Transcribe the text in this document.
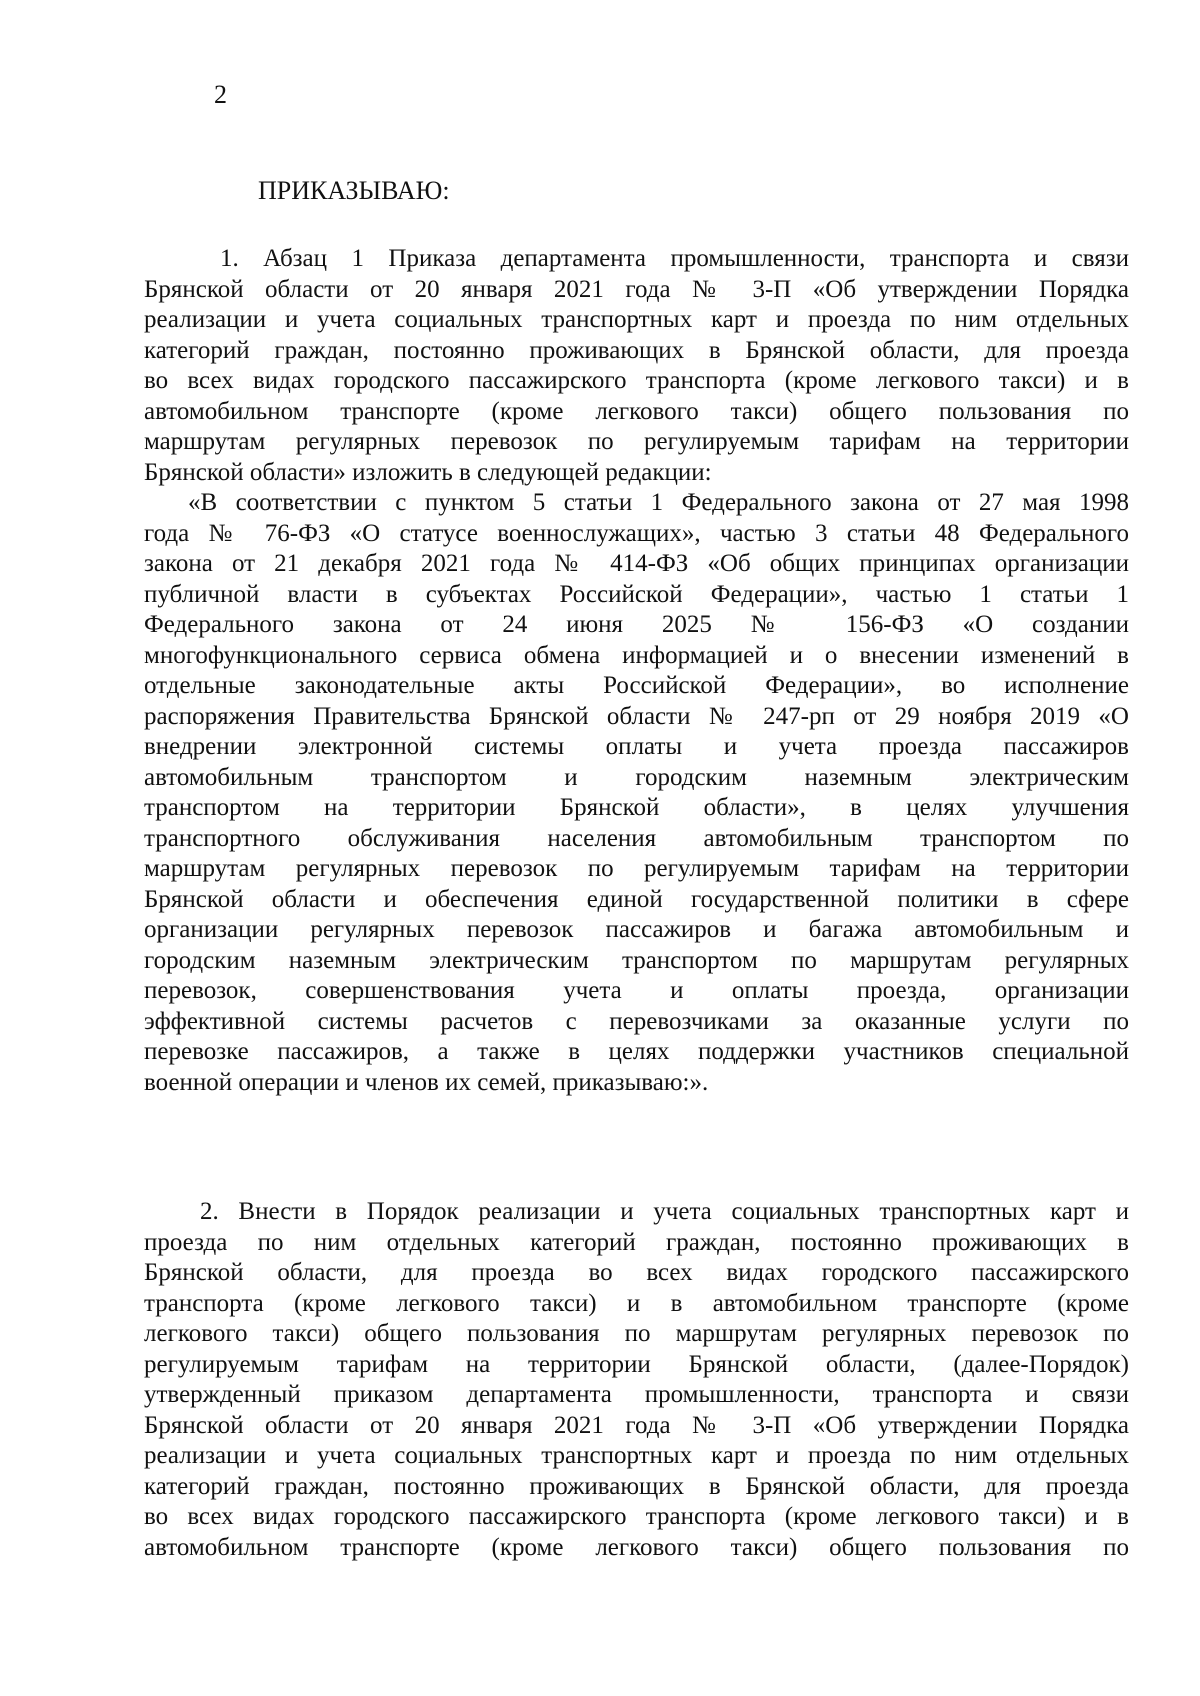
2

ПРИКАЗЫВАЮ:
1. Абзац 1 Приказа департамента промышленности, транспорта и связи
Брянской области от 20 января 2021 года № 3-П «Об утверждении Порядка
реализации и учета социальных транспортных карт и проезда по ним отдельных
категорий граждан, постоянно проживающих в Брянской области, для проезда
во всех видах городского пассажирского транспорта (кроме легкового такси) и в
автомобильном транспорте (кроме легкового такси) общего пользования по
маршрутам регулярных перевозок по регулируемым тарифам на территории
Брянской области» изложить в следующей редакции:
«В соответствии с пунктом 5 статьи 1 Федерального закона от 27 мая 1998
года № 76-ФЗ «О статусе военнослужащих», частью 3 статьи 48 Федерального
закона от 21 декабря 2021 года № 414-ФЗ «Об общих принципах организации
публичной власти в субъектах Российской Федерации», частью 1 статьи 1
Федерального закона от 24 июня 2025 № 156-ФЗ «О создании
многофункционального сервиса обмена информацией и о внесении изменений в
отдельные законодательные акты Российской Федерации», во исполнение
распоряжения Правительства Брянской области № 247-рп от 29 ноября 2019 «О
внедрении электронной системы оплаты и учета проезда пассажиров
автомобильным транспортом и городским наземным электрическим
транспортом на территории Брянской области», в целях улучшения
транспортного обслуживания населения автомобильным транспортом по
маршрутам регулярных перевозок по регулируемым тарифам на территории
Брянской области и обеспечения единой государственной политики в сфере
организации регулярных перевозок пассажиров и багажа автомобильным и
городским наземным электрическим транспортом по маршрутам регулярных
перевозок, совершенствования учета и оплаты проезда, организации
эффективной системы расчетов с перевозчиками за оказанные услуги по
перевозке пассажиров, а также в целях поддержки участников специальной
военной операции и членов их семей, приказываю:».
2. Внести в Порядок реализации и учета социальных транспортных карт и
проезда по ним отдельных категорий граждан, постоянно проживающих в
Брянской области, для проезда во всех видах городского пассажирского
транспорта (кроме легкового такси) и в автомобильном транспорте (кроме
легкового такси) общего пользования по маршрутам регулярных перевозок по
регулируемым тарифам на территории Брянской области, (далее-Порядок)
утвержденный приказом департамента промышленности, транспорта и связи
Брянской области от 20 января 2021 года № 3-П «Об утверждении Порядка
реализации и учета социальных транспортных карт и проезда по ним отдельных
категорий граждан, постоянно проживающих в Брянской области, для проезда
во всех видах городского пассажирского транспорта (кроме легкового такси) и в
автомобильном транспорте (кроме легкового такси) общего пользования по
